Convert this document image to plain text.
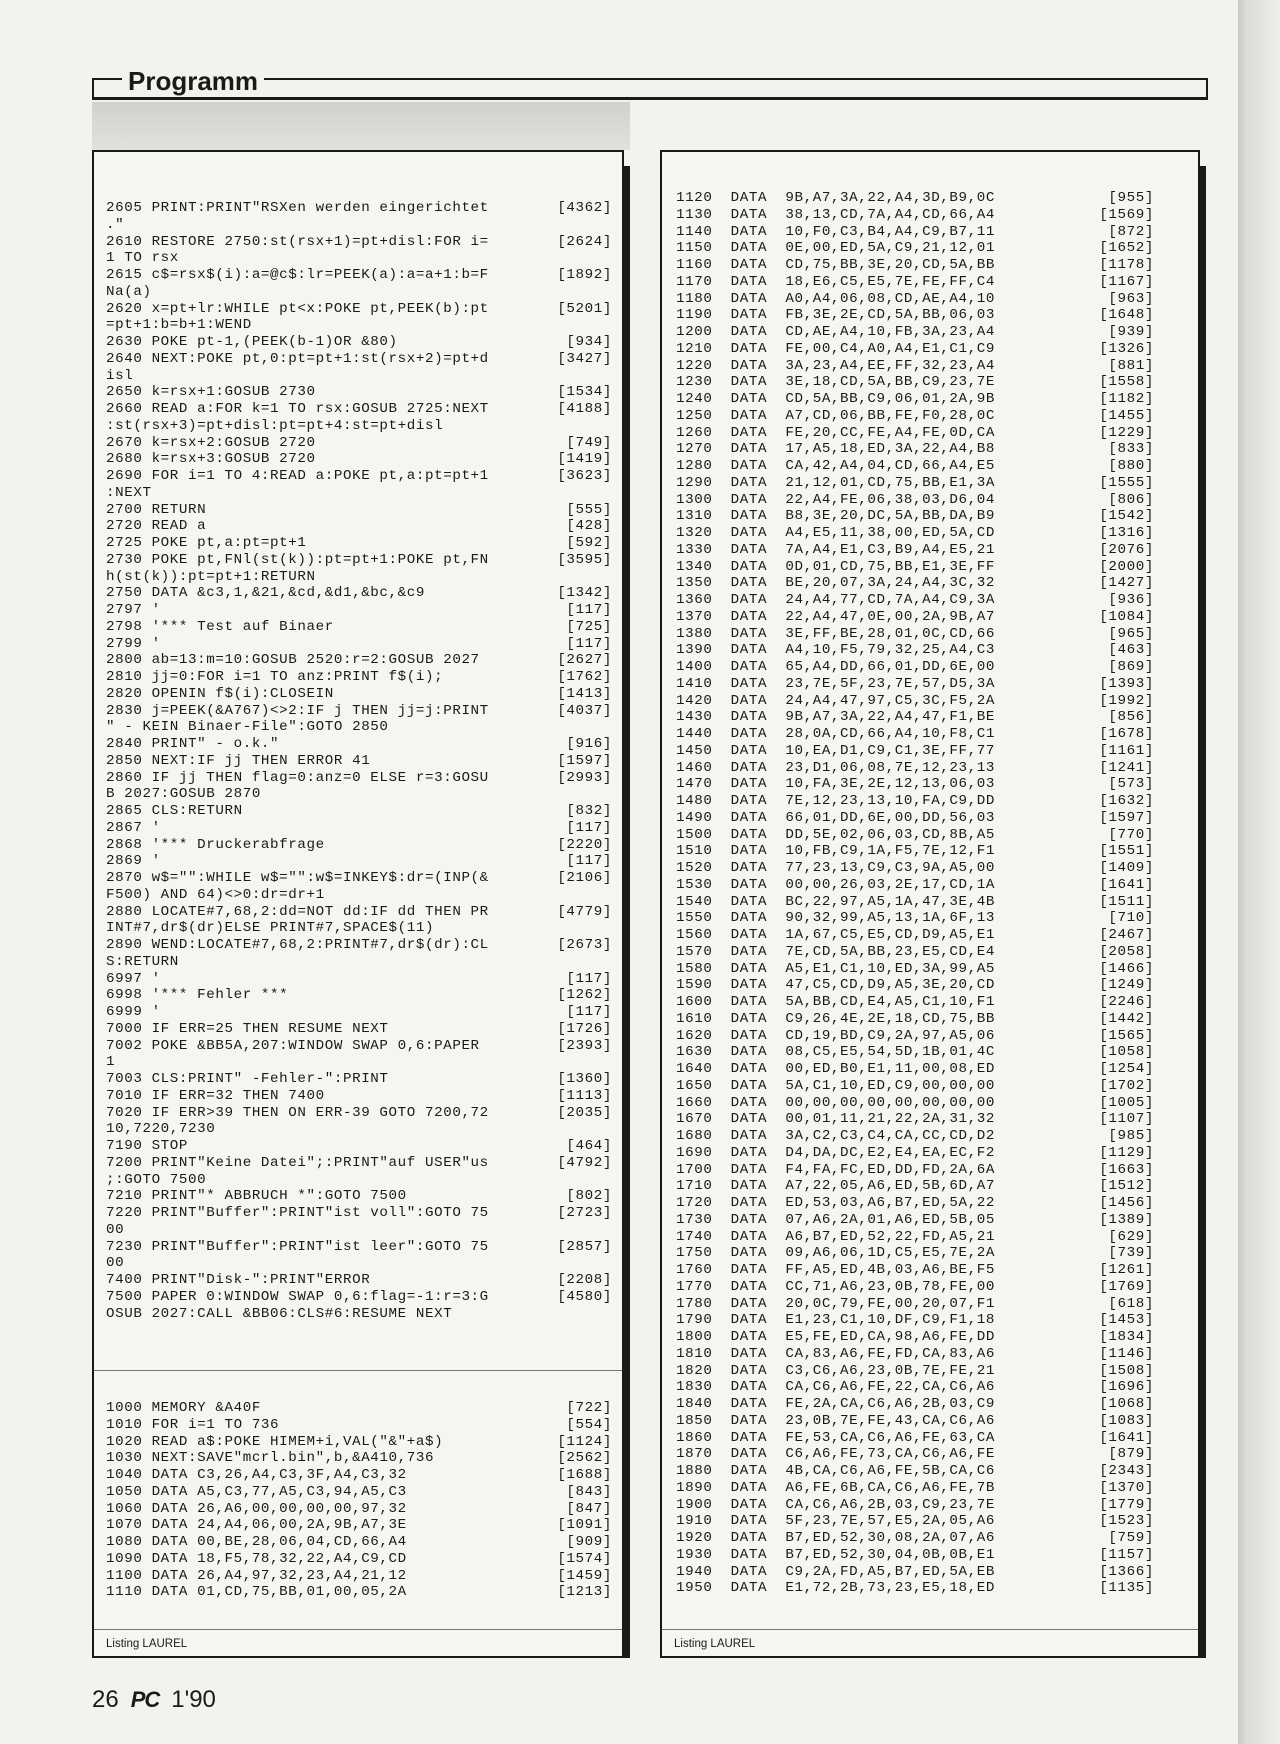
Programm
2605 PRINT:PRINT"RSXen werden eingerichtet	[4362]
."
2610 RESTORE 2750:st(rsx+1)=pt+disl:FOR i=	[2624]
1 TO rsx
2615 c$=rsx$(i):a=@c$:lr=PEEK(a):a=a+1:b=F	[1892]
Na(a)
2620 x=pt+lr:WHILE pt<x:POKE pt,PEEK(b):pt	[5201]
=pt+1:b=b+1:WEND
2630 POKE pt-1,(PEEK(b-1)OR &80)	[934]
2640 NEXT:POKE pt,0:pt=pt+1:st(rsx+2)=pt+d	[3427]
isl
2650 k=rsx+1:GOSUB 2730	[1534]
2660 READ a:FOR k=1 TO rsx:GOSUB 2725:NEXT	[4188]
:st(rsx+3)=pt+disl:pt=pt+4:st=pt+disl
2670 k=rsx+2:GOSUB 2720	[749]
2680 k=rsx+3:GOSUB 2720	[1419]
2690 FOR i=1 TO 4:READ a:POKE pt,a:pt=pt+1	[3623]
:NEXT
2700 RETURN	[555]
2720 READ a	[428]
2725 POKE pt,a:pt=pt+1	[592]
2730 POKE pt,FNl(st(k)):pt=pt+1:POKE pt,FN	[3595]
h(st(k)):pt=pt+1:RETURN
2750 DATA &c3,1,&21,&cd,&d1,&bc,&c9	[1342]
2797 '	[117]
2798 '*** Test auf Binaer	[725]
2799 '	[117]
2800 ab=13:m=10:GOSUB 2520:r=2:GOSUB 2027	[2627]
2810 jj=0:FOR i=1 TO anz:PRINT f$(i);	[1762]
2820 OPENIN f$(i):CLOSEIN	[1413]
2830 j=PEEK(&A767)<>2:IF j THEN jj=j:PRINT	[4037]
" - KEIN Binaer-File":GOTO 2850
2840 PRINT" - o.k."	[916]
2850 NEXT:IF jj THEN ERROR 41	[1597]
2860 IF jj THEN flag=0:anz=0 ELSE r=3:GOSU	[2993]
B 2027:GOSUB 2870
2865 CLS:RETURN	[832]
2867 '	[117]
2868 '*** Druckerabfrage	[2220]
2869 '	[117]
2870 w$="":WHILE w$="":w$=INKEY$:dr=(INP(&	[2106]
F500) AND 64)<>0:dr=dr+1
2880 LOCATE#7,68,2:dd=NOT dd:IF dd THEN PR	[4779]
INT#7,dr$(dr)ELSE PRINT#7,SPACE$(11)
2890 WEND:LOCATE#7,68,2:PRINT#7,dr$(dr):CL	[2673]
S:RETURN
6997 '	[117]
6998 '*** Fehler ***	[1262]
6999 '	[117]
7000 IF ERR=25 THEN RESUME NEXT	[1726]
7002 POKE &BB5A,207:WINDOW SWAP 0,6:PAPER	[2393]
1
7003 CLS:PRINT" -Fehler-":PRINT	[1360]
7010 IF ERR=32 THEN 7400	[1113]
7020 IF ERR>39 THEN ON ERR-39 GOTO 7200,72	[2035]
10,7220,7230
7190 STOP	[464]
7200 PRINT"Keine Datei";:PRINT"auf USER"us	[4792]
;:GOTO 7500
7210 PRINT"* ABBRUCH *":GOTO 7500	[802]
7220 PRINT"Buffer":PRINT"ist voll":GOTO 75	[2723]
00
7230 PRINT"Buffer":PRINT"ist leer":GOTO 75	[2857]
00
7400 PRINT"Disk-":PRINT"ERROR	[2208]
7500 PAPER 0:WINDOW SWAP 0,6:flag=-1:r=3:G	[4580]
OSUB 2027:CALL &BB06:CLS#6:RESUME NEXT
1000 MEMORY &A40F	[722]
1010 FOR i=1 TO 736	[554]
1020 READ a$:POKE HIMEM+i,VAL("&"+a$)	[1124]
1030 NEXT:SAVE"mcrl.bin",b,&A410,736	[2562]
1040 DATA C3,26,A4,C3,3F,A4,C3,32	[1688]
1050 DATA A5,C3,77,A5,C3,94,A5,C3	[843]
1060 DATA 26,A6,00,00,00,00,97,32	[847]
1070 DATA 24,A4,06,00,2A,9B,A7,3E	[1091]
1080 DATA 00,BE,28,06,04,CD,66,A4	[909]
1090 DATA 18,F5,78,32,22,A4,C9,CD	[1574]
1100 DATA 26,A4,97,32,23,A4,21,12	[1459]
1110 DATA 01,CD,75,BB,01,00,05,2A	[1213]
Listing LAUREL
1120  DATA  9B,A7,3A,22,A4,3D,B9,0C	[955]
1130  DATA  38,13,CD,7A,A4,CD,66,A4	[1569]
1140  DATA  10,F0,C3,B4,A4,C9,B7,11	[872]
1150  DATA  0E,00,ED,5A,C9,21,12,01	[1652]
1160  DATA  CD,75,BB,3E,20,CD,5A,BB	[1178]
1170  DATA  18,E6,C5,E5,7E,FE,FF,C4	[1167]
1180  DATA  A0,A4,06,08,CD,AE,A4,10	[963]
1190  DATA  FB,3E,2E,CD,5A,BB,06,03	[1648]
1200  DATA  CD,AE,A4,10,FB,3A,23,A4	[939]
1210  DATA  FE,00,C4,A0,A4,E1,C1,C9	[1326]
1220  DATA  3A,23,A4,EE,FF,32,23,A4	[881]
1230  DATA  3E,18,CD,5A,BB,C9,23,7E	[1558]
1240  DATA  CD,5A,BB,C9,06,01,2A,9B	[1182]
1250  DATA  A7,CD,06,BB,FE,F0,28,0C	[1455]
1260  DATA  FE,20,CC,FE,A4,FE,0D,CA	[1229]
1270  DATA  17,A5,18,ED,3A,22,A4,B8	[833]
1280  DATA  CA,42,A4,04,CD,66,A4,E5	[880]
1290  DATA  21,12,01,CD,75,BB,E1,3A	[1555]
1300  DATA  22,A4,FE,06,38,03,D6,04	[806]
1310  DATA  B8,3E,20,DC,5A,BB,DA,B9	[1542]
1320  DATA  A4,E5,11,38,00,ED,5A,CD	[1316]
1330  DATA  7A,A4,E1,C3,B9,A4,E5,21	[2076]
1340  DATA  0D,01,CD,75,BB,E1,3E,FF	[2000]
1350  DATA  BE,20,07,3A,24,A4,3C,32	[1427]
1360  DATA  24,A4,77,CD,7A,A4,C9,3A	[936]
1370  DATA  22,A4,47,0E,00,2A,9B,A7	[1084]
1380  DATA  3E,FF,BE,28,01,0C,CD,66	[965]
1390  DATA  A4,10,F5,79,32,25,A4,C3	[463]
1400  DATA  65,A4,DD,66,01,DD,6E,00	[869]
1410  DATA  23,7E,5F,23,7E,57,D5,3A	[1393]
1420  DATA  24,A4,47,97,C5,3C,F5,2A	[1992]
1430  DATA  9B,A7,3A,22,A4,47,F1,BE	[856]
1440  DATA  28,0A,CD,66,A4,10,F8,C1	[1678]
1450  DATA  10,EA,D1,C9,C1,3E,FF,77	[1161]
1460  DATA  23,D1,06,08,7E,12,23,13	[1241]
1470  DATA  10,FA,3E,2E,12,13,06,03	[573]
1480  DATA  7E,12,23,13,10,FA,C9,DD	[1632]
1490  DATA  66,01,DD,6E,00,DD,56,03	[1597]
1500  DATA  DD,5E,02,06,03,CD,8B,A5	[770]
1510  DATA  10,FB,C9,1A,F5,7E,12,F1	[1551]
1520  DATA  77,23,13,C9,C3,9A,A5,00	[1409]
1530  DATA  00,00,26,03,2E,17,CD,1A	[1641]
1540  DATA  BC,22,97,A5,1A,47,3E,4B	[1511]
1550  DATA  90,32,99,A5,13,1A,6F,13	[710]
1560  DATA  1A,67,C5,E5,CD,D9,A5,E1	[2467]
1570  DATA  7E,CD,5A,BB,23,E5,CD,E4	[2058]
1580  DATA  A5,E1,C1,10,ED,3A,99,A5	[1466]
1590  DATA  47,C5,CD,D9,A5,3E,20,CD	[1249]
1600  DATA  5A,BB,CD,E4,A5,C1,10,F1	[2246]
1610  DATA  C9,26,4E,2E,18,CD,75,BB	[1442]
1620  DATA  CD,19,BD,C9,2A,97,A5,06	[1565]
1630  DATA  08,C5,E5,54,5D,1B,01,4C	[1058]
1640  DATA  00,ED,B0,E1,11,00,08,ED	[1254]
1650  DATA  5A,C1,10,ED,C9,00,00,00	[1702]
1660  DATA  00,00,00,00,00,00,00,00	[1005]
1670  DATA  00,01,11,21,22,2A,31,32	[1107]
1680  DATA  3A,C2,C3,C4,CA,CC,CD,D2	[985]
1690  DATA  D4,DA,DC,E2,E4,EA,EC,F2	[1129]
1700  DATA  F4,FA,FC,ED,DD,FD,2A,6A	[1663]
1710  DATA  A7,22,05,A6,ED,5B,6D,A7	[1512]
1720  DATA  ED,53,03,A6,B7,ED,5A,22	[1456]
1730  DATA  07,A6,2A,01,A6,ED,5B,05	[1389]
1740  DATA  A6,B7,ED,52,22,FD,A5,21	[629]
1750  DATA  09,A6,06,1D,C5,E5,7E,2A	[739]
1760  DATA  FF,A5,ED,4B,03,A6,BE,F5	[1261]
1770  DATA  CC,71,A6,23,0B,78,FE,00	[1769]
1780  DATA  20,0C,79,FE,00,20,07,F1	[618]
1790  DATA  E1,23,C1,10,DF,C9,F1,18	[1453]
1800  DATA  E5,FE,ED,CA,98,A6,FE,DD	[1834]
1810  DATA  CA,83,A6,FE,FD,CA,83,A6	[1146]
1820  DATA  C3,C6,A6,23,0B,7E,FE,21	[1508]
1830  DATA  CA,C6,A6,FE,22,CA,C6,A6	[1696]
1840  DATA  FE,2A,CA,C6,A6,2B,03,C9	[1068]
1850  DATA  23,0B,7E,FE,43,CA,C6,A6	[1083]
1860  DATA  FE,53,CA,C6,A6,FE,63,CA	[1641]
1870  DATA  C6,A6,FE,73,CA,C6,A6,FE	[879]
1880  DATA  4B,CA,C6,A6,FE,5B,CA,C6	[2343]
1890  DATA  A6,FE,6B,CA,C6,A6,FE,7B	[1370]
1900  DATA  CA,C6,A6,2B,03,C9,23,7E	[1779]
1910  DATA  5F,23,7E,57,E5,2A,05,A6	[1523]
1920  DATA  B7,ED,52,30,08,2A,07,A6	[759]
1930  DATA  B7,ED,52,30,04,0B,0B,E1	[1157]
1940  DATA  C9,2A,FD,A5,B7,ED,5A,EB	[1366]
1950  DATA  E1,72,2B,73,23,E5,18,ED	[1135]
Listing LAUREL
26 PC 1'90
